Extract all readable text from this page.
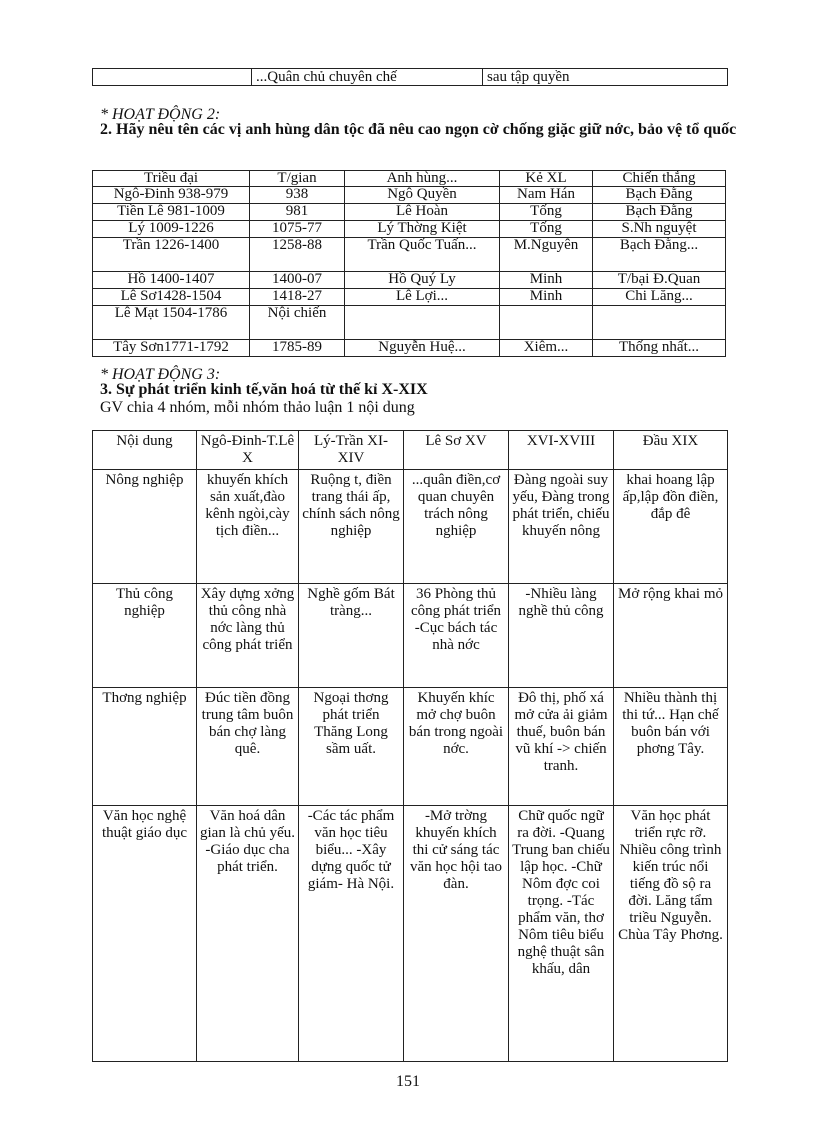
	...Quân chủ chuyên chế	sau tập quyền
* HOẠT ĐỘNG 2:
2. Hãy nêu tên các vị anh hùng dân tộc đã nêu cao ngọn cờ chống giặc giữ nớc, bảo vệ tổ quốc
Triều đại	T/gian	Anh hùng...	Kẻ XL	Chiến thắng
Ngô-Đinh 938-979	938	Ngô Quyền	Nam Hán	Bạch Đằng
Tiền Lê 981-1009	981	Lê Hoàn	Tống	Bạch Đằng
Lý 1009-1226	1075-77	Lý Thờng Kiệt	Tống	S.Nh nguyệt
Trần 1226-1400	1258-88	Trần Quốc Tuấn...	M.Nguyên	Bạch Đằng...
Hồ 1400-1407	1400-07	Hồ Quý Ly	Minh	T/bại Đ.Quan
Lê Sơ1428-1504	1418-27	Lê Lợi...	Minh	Chi Lăng...
Lê Mạt 1504-1786	Nội chiến			
Tây Sơn1771-1792	1785-89	Nguyễn Huệ...	Xiêm...	Thống nhất...
* HOẠT ĐỘNG 3:
3. Sự phát triển kinh tế,văn hoá từ thế kỉ X-XIX
GV chia 4 nhóm, mỗi nhóm thảo luận 1 nội dung
Nội dung	Ngô-Đinh-T.Lê X	Lý-Trần XI-XIV	Lê Sơ XV	XVI-XVIII	Đầu XIX
Nông nghiệp	khuyến khích sản xuất,đào kênh ngòi,cày tịch điền...	Ruộng t, điền trang thái ấp, chính sách nông nghiệp	...quân điền,cơ quan chuyên trách nông nghiệp	Đàng ngoài suy yếu, Đàng trong phát triển, chiếu khuyến nông	khai hoang lập ấp,lập đồn điền, đắp đê
Thủ công nghiệp	Xây dựng xởng thủ công nhà nớc làng thủ công phát triển	Nghề gốm Bát tràng...	36 Phòng thủ công phát triển -Cục bách tác nhà nớc	-Nhiều làng nghề thủ công	Mở rộng khai mỏ
Thơng nghiệp	Đúc tiền đồng trung tâm buôn bán chợ làng quê.	Ngoại thơng phát triển Thăng Long sầm uất.	Khuyến khíc mở chợ buôn bán trong ngoài nớc.	Đô thị, phố xá mở cửa ải giảm thuế, buôn bán vũ khí -> chiến tranh.	Nhiều thành thị thi tứ... Hạn chế buôn bán với phơng Tây.
Văn học nghệ thuật giáo dục	Văn hoá dân gian là chủ yếu. -Giáo dục cha phát triển.	-Các tác phẩm văn học tiêu biểu... -Xây dựng quốc tử giám- Hà Nội.	-Mở trờng khuyến khích thi cử sáng tác văn học hội tao đàn.	Chữ quốc ngữ ra đời. -Quang Trung ban chiếu lập học. -Chữ Nôm đợc coi trọng. -Tác phẩm văn, thơ Nôm tiêu biểu nghệ thuật sân khấu, dân	Văn học phát triển rực rỡ. Nhiều công trình kiến trúc nổi tiếng đồ sộ ra đời. Lăng tẩm triều Nguyễn. Chùa Tây Phơng.
151
